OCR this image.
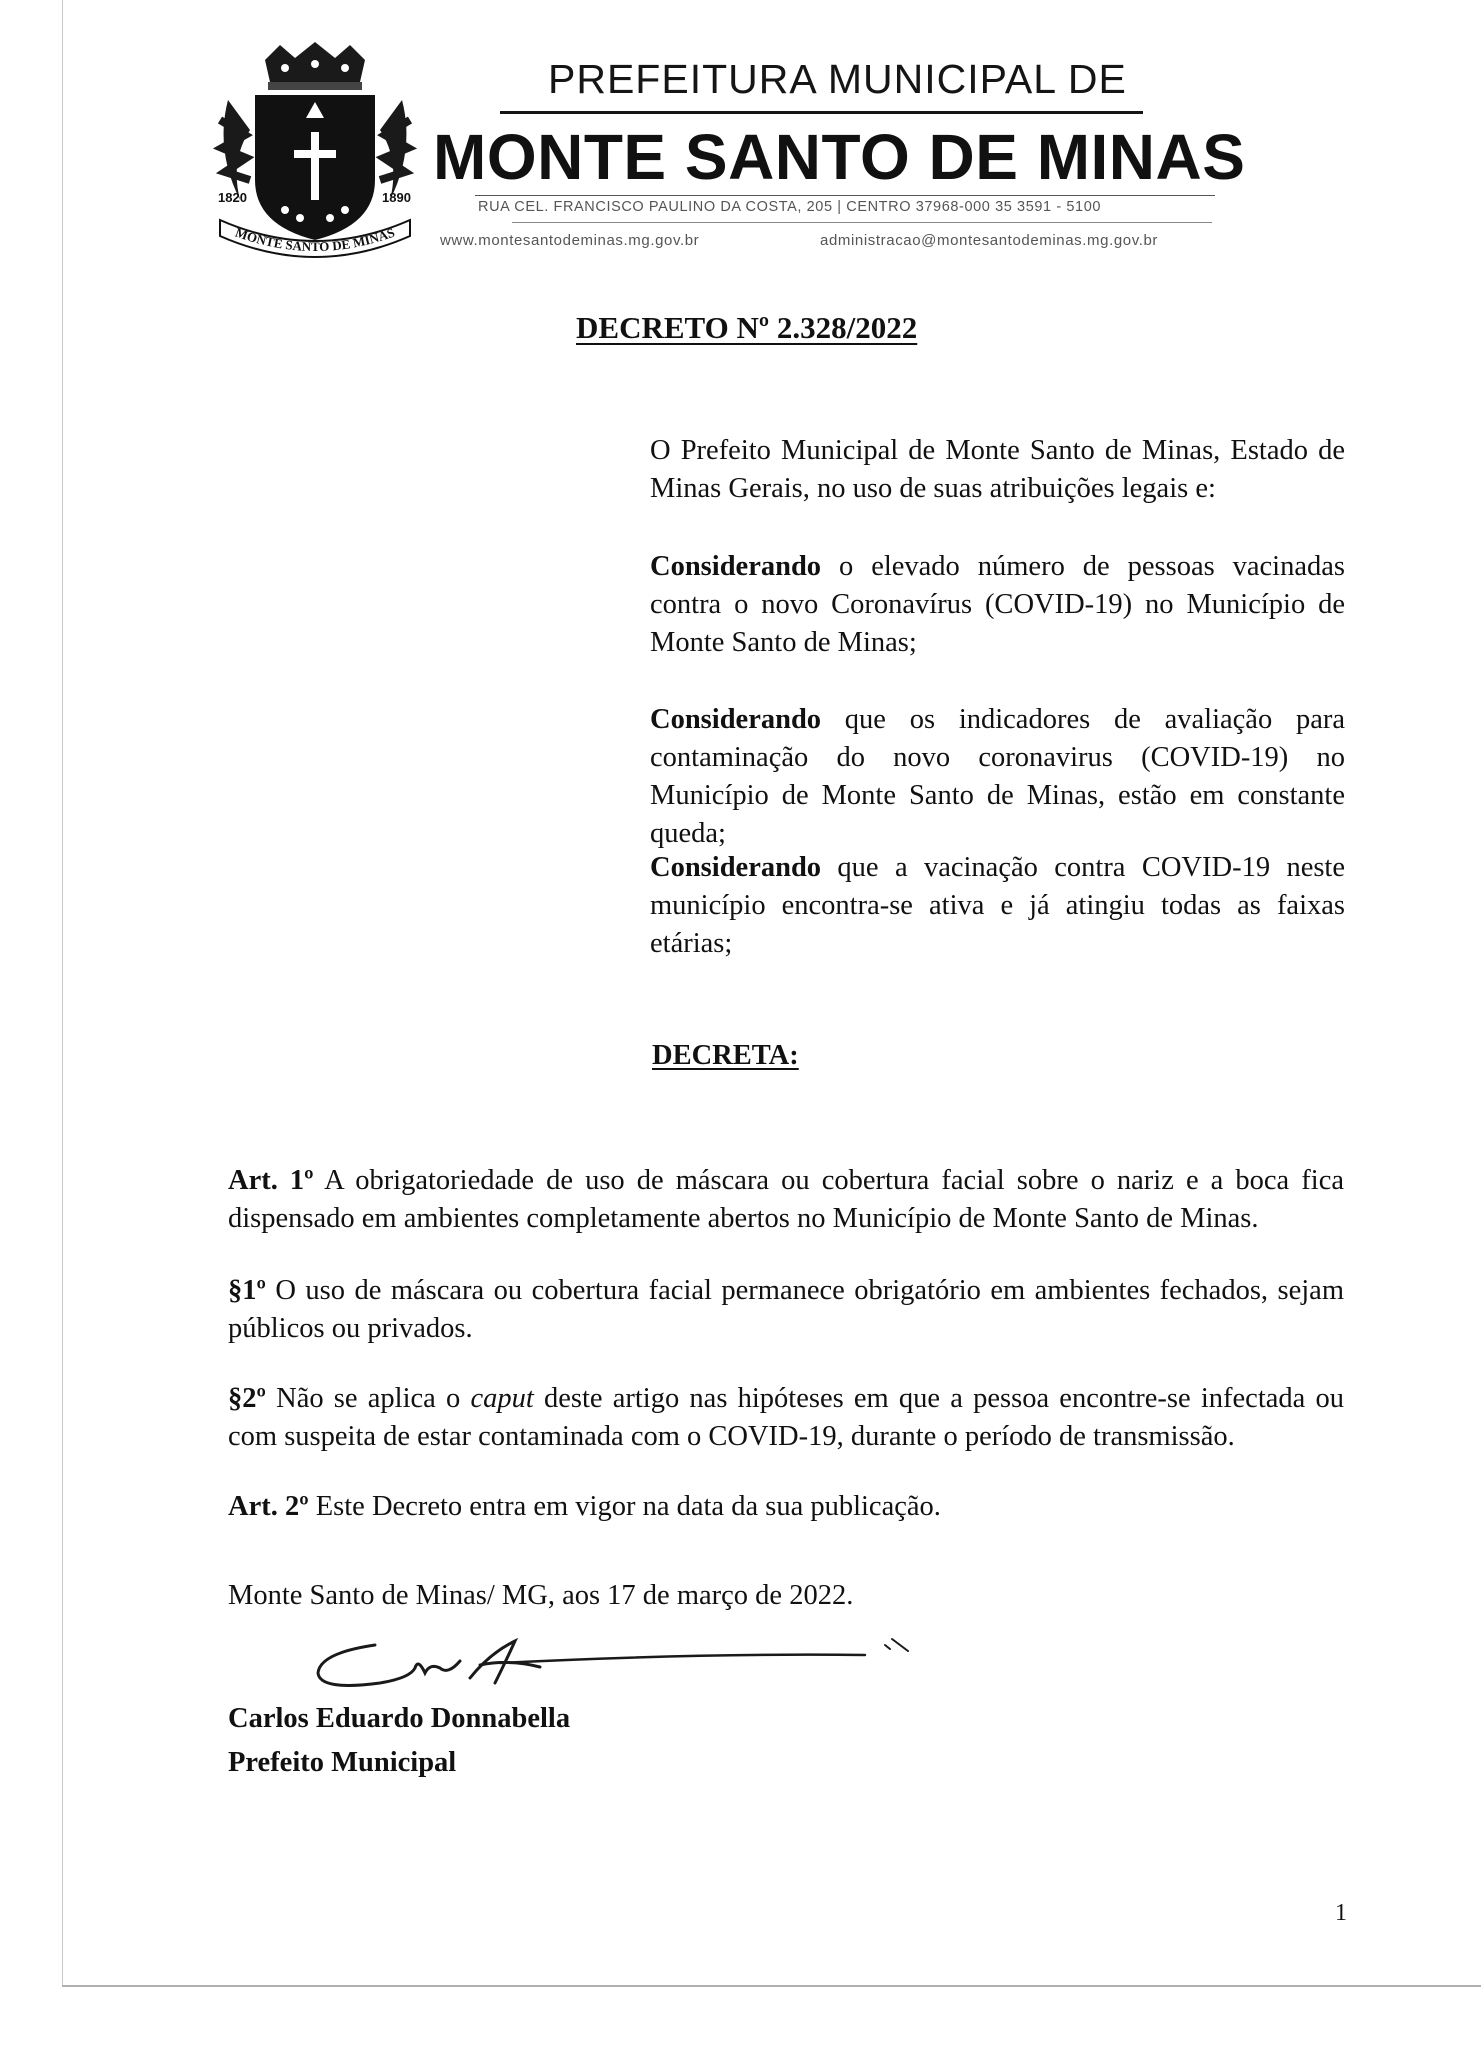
1820	1890
MONTE SANTO DE MINAS
PREFEITURA MUNICIPAL DE
MONTE SANTO DE MINAS
RUA CEL. FRANCISCO PAULINO DA COSTA, 205 | CENTRO 37968-000 35 3591 - 5100
www.montesantodeminas.mg.gov.br	administracao@montesantodeminas.mg.gov.br
DECRETO Nº 2.328/2022
O Prefeito Municipal de Monte Santo de Minas, Estado de Minas Gerais, no uso de suas atribuições legais e:
Considerando o elevado número de pessoas vacinadas contra o novo Coronavírus (COVID-19) no Município de Monte Santo de Minas;
Considerando que os indicadores de avaliação para contaminação do novo coronavirus (COVID-19) no Município de Monte Santo de Minas, estão em constante queda;
Considerando que a vacinação contra COVID-19 neste município encontra-se ativa e já atingiu todas as faixas etárias;
DECRETA:
Art. 1º A obrigatoriedade de uso de máscara ou cobertura facial sobre o nariz e a boca fica dispensado em ambientes completamente abertos no Município de Monte Santo de Minas.
§1º O uso de máscara ou cobertura facial permanece obrigatório em ambientes fechados, sejam públicos ou privados.
§2º Não se aplica o caput deste artigo nas hipóteses em que a pessoa encontre-se infectada ou com suspeita de estar contaminada com o COVID-19, durante o período de transmissão.
Art. 2º Este Decreto entra em vigor na data da sua publicação.
Monte Santo de Minas/ MG, aos 17 de março de 2022.
Carlos Eduardo Donnabella
Prefeito Municipal
1
